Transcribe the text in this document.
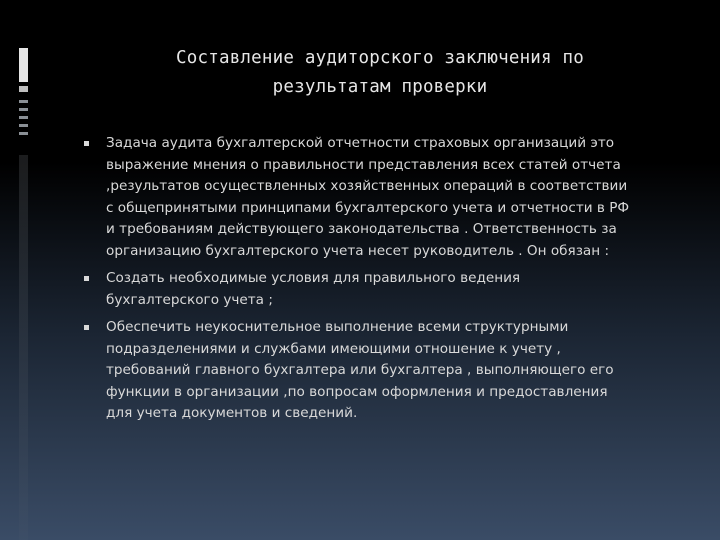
Составление аудиторского заключения по
результатам проверки
Задача аудита бухгалтерской отчетности страховых организаций это
выражение мнения о правильности представления всех статей отчета
,результатов осуществленных хозяйственных операций в соответствии
с общепринятыми принципами бухгалтерского учета и отчетности в РФ
и требованиям действующего законодательства . Ответственность за
организацию бухгалтерского учета несет руководитель . Он обязан :
Создать необходимые условия для правильного ведения
бухгалтерского учета ;
Обеспечить неукоснительное выполнение всеми структурными
подразделениями и службами имеющими отношение к учету ,
требований главного бухгалтера или бухгалтера , выполняющего его
функции в организации ,по вопросам оформления и предоставления
для учета документов и сведений.
